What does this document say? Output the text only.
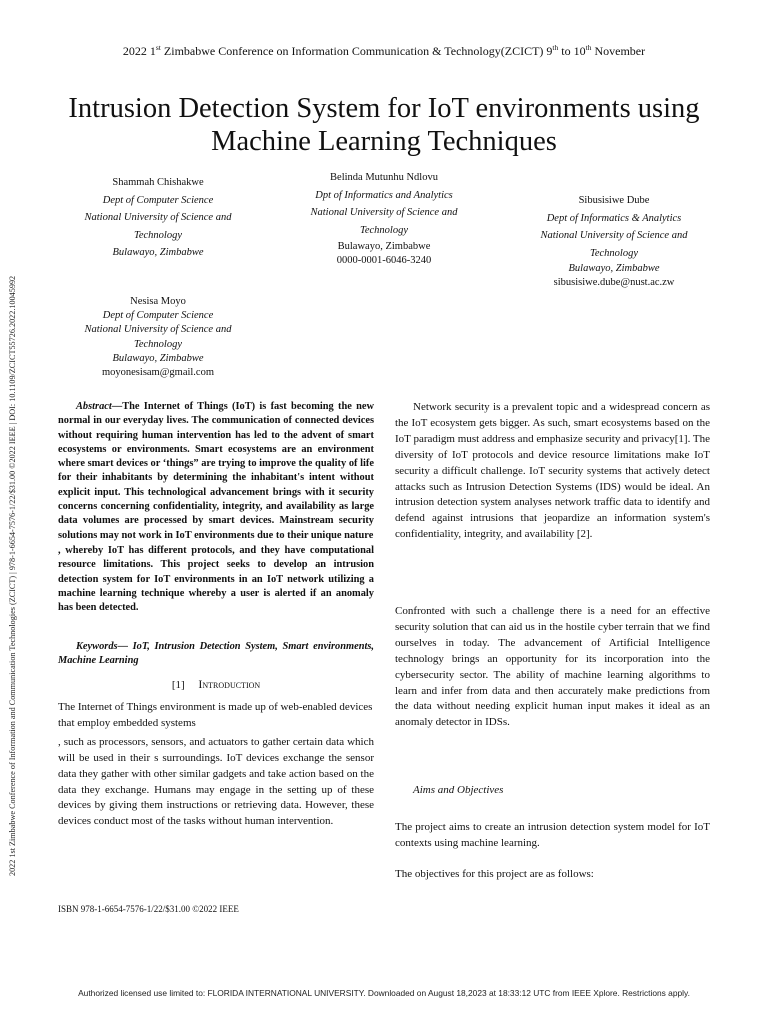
2022 1st Zimbabwe Conference on Information Communication & Technology(ZCICT) 9th to 10th November
Intrusion Detection System for IoT environments using Machine Learning Techniques
2022 1st Zimbabwe Conference of Information and Communication Technologies (ZCICT) | 978-1-6654-7576-1/22/$31.00 ©2022 IEEE | DOI: 10.1109/ZCICT55726.2022.10045992
Shammah Chishakwe
Dept of Computer Science
National University of Science and Technology
Bulawayo, Zimbabwe
Belinda Mutunhu Ndlovu
Dpt of Informatics and Analytics
National University of Science and Technology
Bulawayo, Zimbabwe
0000-0001-6046-3240
Sibusisiwe Dube
Dept of Informatics & Analytics
National University of Science and Technology
Bulawayo, Zimbabwe
sibusisiwe.dube@nust.ac.zw
Nesisa Moyo
Dept of Computer Science
National University of Science and Technology
Bulawayo, Zimbabwe
moyonesisam@gmail.com

Abstract—The Internet of Things (IoT) is fast becoming the new normal in our everyday lives. The communication of connected devices without requiring human intervention has led to the advent of smart ecosystems or environments. Smart ecosystems are an environment where smart devices or ‘things” are trying to improve the quality of life for their inhabitants by determining the inhabitant's intent without explicit input. This technological advancement brings with it security concerns concerning confidentiality, integrity, and availability as large data volumes are processed by smart devices. Mainstream security solutions may not work in IoT environments due to their unique nature

, whereby IoT has different protocols, and they have computational resource limitations. This project seeks to develop an intrusion detection system for IoT environments in an IoT network utilizing a machine learning technique whereby a user is alerted if an anomaly has been detected.

Keywords— IoT, Intrusion Detection System, Smart environments, Machine Learning
[1] Introduction

The Internet of Things environment is made up of web-enabled devices that employ embedded systems

, such as processors, sensors, and actuators to gather certain data which will be used in their s surroundings. IoT devices exchange the sensor data they gather with other similar gadgets and take action based on the data they exchange. Humans may engage in the setting up of these devices by giving them instructions or retrieving data. However, these devices conduct most of the tasks without human intervention.

Network security is a prevalent topic and a widespread concern as the IoT ecosystem gets bigger. As such, smart ecosystems based on the IoT paradigm must address and emphasize security and privacy[1]. The diversity of IoT protocols and device resource limitations make IoT security a difficult challenge. IoT security systems that actively detect attacks such as Intrusion Detection Systems (IDS) would be ideal. An intrusion detection system analyses network traffic data to identify and defend against intrusions that jeopardize an information system's confidentiality, integrity, and availability [2].
Confronted with such a challenge there is a need for an effective security solution that can aid us in the hostile cyber terrain that we find ourselves in today. The advancement of Artificial Intelligence technology brings an opportunity for its incorporation into the cybersecurity sector. The ability of machine learning algorithms to learn and infer from data and then accurately make predictions from the data without needing explicit human input makes it ideal as an anomaly detector in IDSs.
Aims and Objectives
The project aims to create an intrusion detection system model for IoT contexts using machine learning.
The objectives for this project are as follows:
ISBN 978-1-6654-7576-1/22/$31.00 ©2022 IEEE
Authorized licensed use limited to: FLORIDA INTERNATIONAL UNIVERSITY. Downloaded on August 18,2023 at 18:33:12 UTC from IEEE Xplore. Restrictions apply.
